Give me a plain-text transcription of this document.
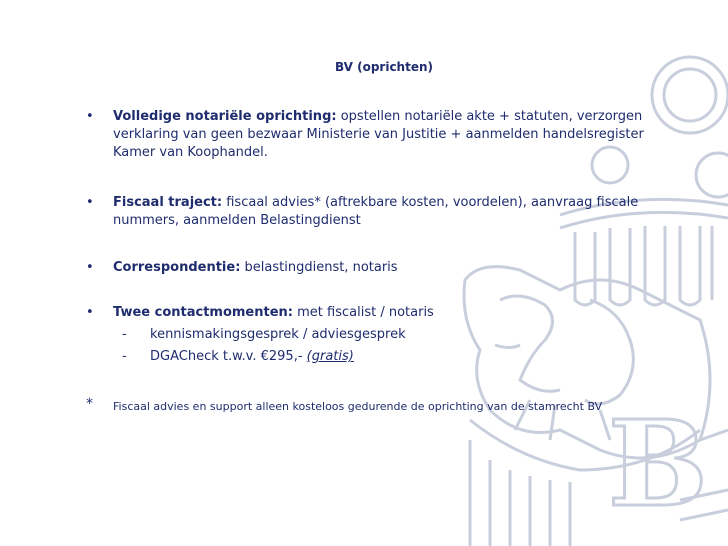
B
BV (oprichten)
• Volledige notariële oprichting: opstellen notariële akte + statuten, verzorgen verklaring van geen bezwaar Ministerie van Justitie + aanmelden handelsregister Kamer van Koophandel.
• Fiscaal traject: fiscaal advies* (aftrekbare kosten, voordelen), aanvraag fiscale nummers, aanmelden Belastingdienst
• Correspondentie: belastingdienst, notaris
• Twee contactmomenten: met fiscalist / notaris
- kennismakingsgesprek / adviesgesprek
- DGACheck t.w.v. €295,- (gratis)
* Fiscaal advies en support alleen kosteloos gedurende de oprichting van de stamrecht BV
